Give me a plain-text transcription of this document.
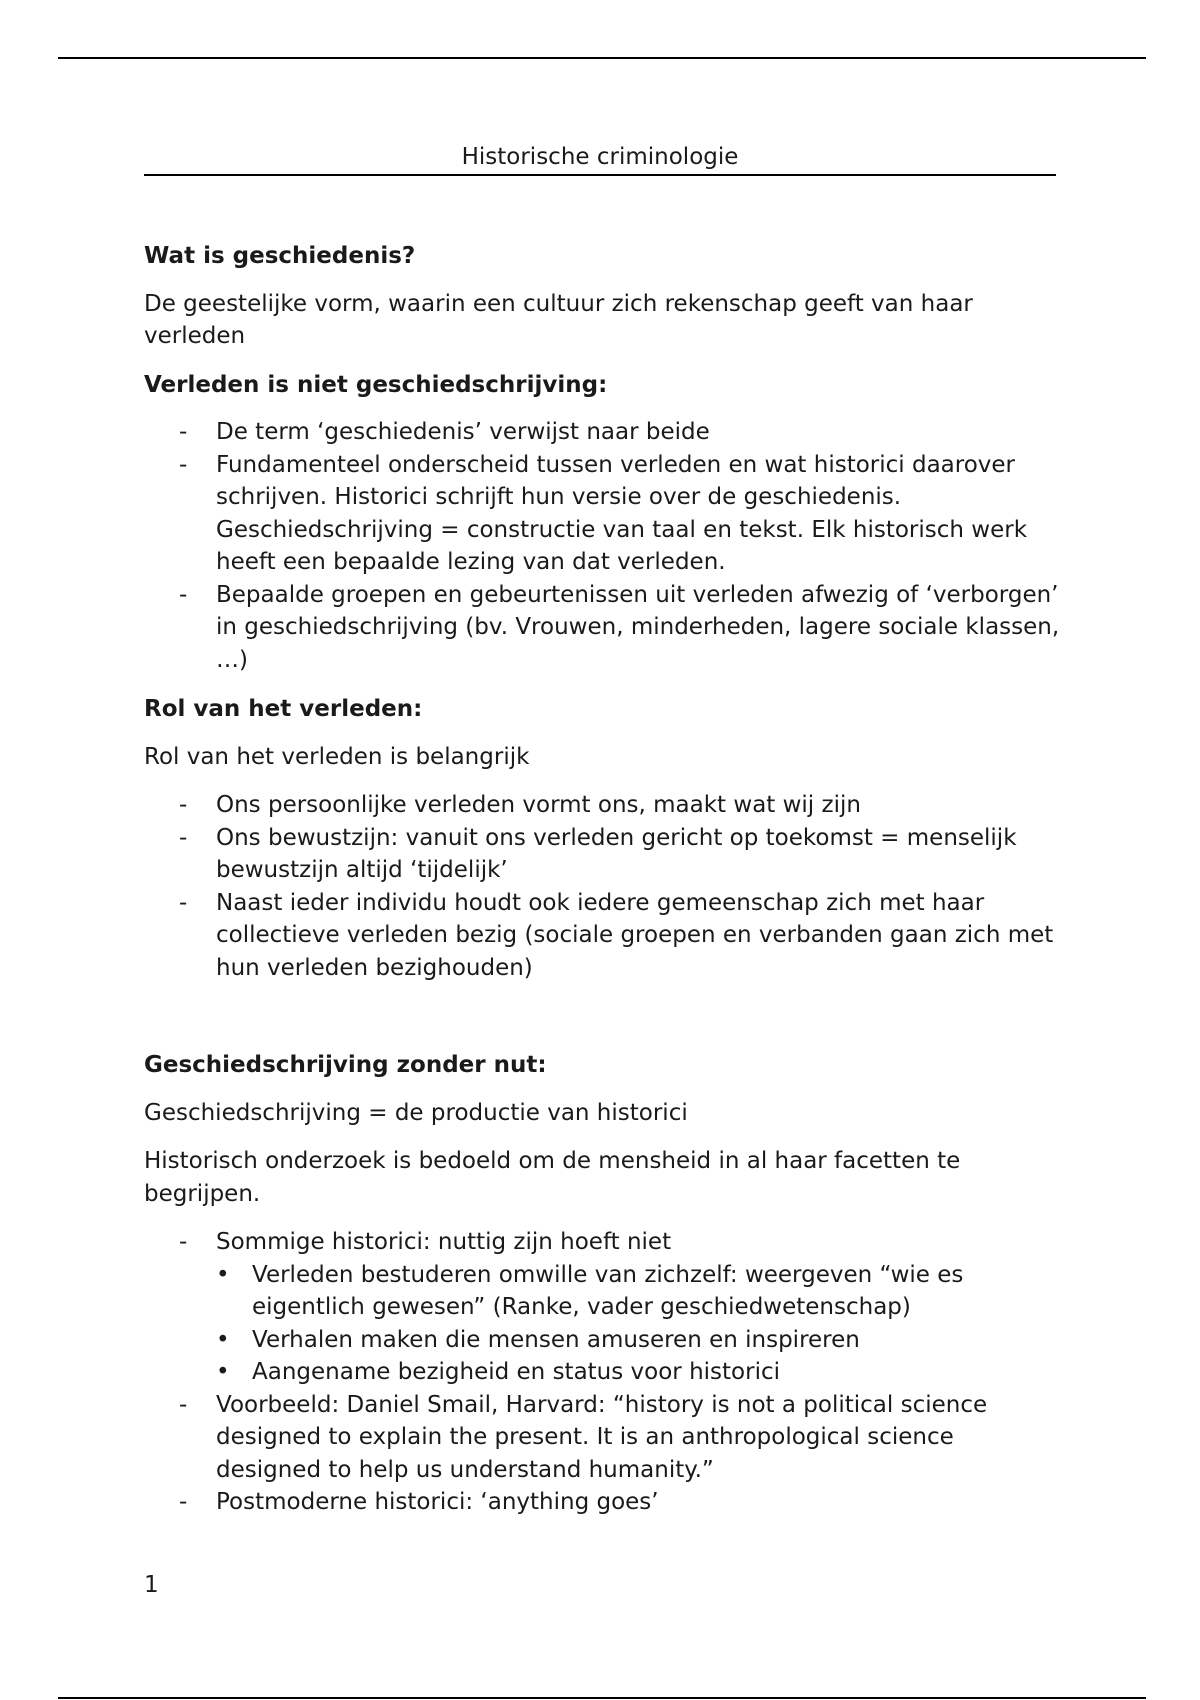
Historische criminologie
Wat is geschiedenis?

De geestelijke vorm, waarin een cultuur zich rekenschap geeft van haar verleden

Verleden is niet geschiedschrijving:
- De term ‘geschiedenis’ verwijst naar beide
- Fundamenteel onderscheid tussen verleden en wat historici daarover schrijven. Historici schrijft hun versie over de geschiedenis. Geschiedschrijving = constructie van taal en tekst. Elk historisch werk heeft een bepaalde lezing van dat verleden.
- Bepaalde groepen en gebeurtenissen uit verleden afwezig of ‘verborgen’ in geschiedschrijving (bv. Vrouwen, minderheden, lagere sociale klassen, …)
Rol van het verleden:

Rol van het verleden is belangrijk

- Ons persoonlijke verleden vormt ons, maakt wat wij zijn
- Ons bewustzijn: vanuit ons verleden gericht op toekomst = menselijk bewustzijn altijd ‘tijdelijk’
- Naast ieder individu houdt ook iedere gemeenschap zich met haar collectieve verleden bezig (sociale groepen en verbanden gaan zich met hun verleden bezighouden)
Geschiedschrijving zonder nut:

Geschiedschrijving = de productie van historici

Historisch onderzoek is bedoeld om de mensheid in al haar facetten te begrijpen.

- Sommige historici: nuttig zijn hoeft niet
• Verleden bestuderen omwille van zichzelf: weergeven “wie es eigentlich gewesen” (Ranke, vader geschiedwetenschap)
• Verhalen maken die mensen amuseren en inspireren
• Aangename bezigheid en status voor historici
- Voorbeeld: Daniel Smail, Harvard: “history is not a political science designed to explain the present. It is an anthropological science designed to help us understand humanity.”
- Postmoderne historici: ‘anything goes’
1
